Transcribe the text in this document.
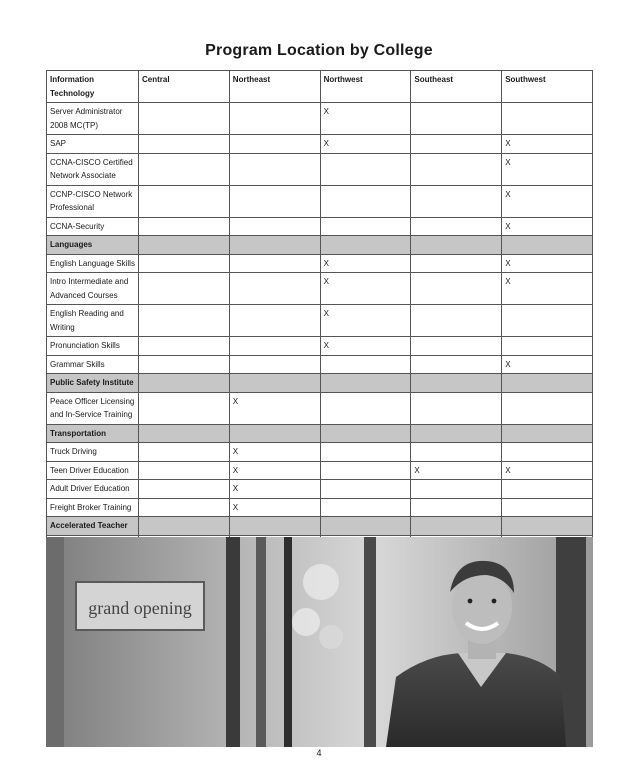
Program Location by College
Information Technology	Central	Northeast	Northwest	Southeast	Southwest
Server Administrator 2008 MC(TP)			X		
SAP			X		X
CCNA-CISCO Certified Network Associate					X
CCNP-CISCO Network Professional					X
CCNA-Security					X
Languages					
English Language Skills			X		X
Intro Intermediate and Advanced Courses			X		X
English Reading and Writing			X		
Pronunciation Skills			X		
Grammar Skills					X
Public Safety Institute					
Peace Officer Licensing and In-Service Training		X			
Transportation					
Truck Driving		X			
Teen Driver Education		X		X	X
Adult Driver Education		X			
Freight Broker Training		X			
Accelerated Teacher					

grand opening
4
